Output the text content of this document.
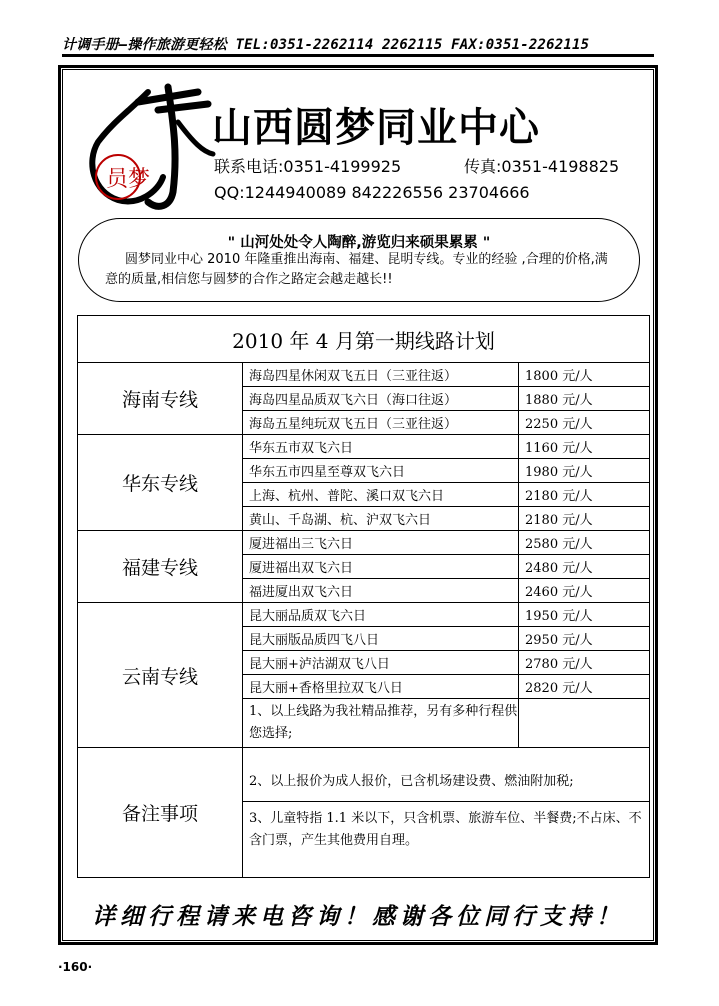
计调手册—操作旅游更轻松 TEL:0351-2262114 2262115 FAX:0351-2262115
员梦
山西圆梦同业中心
联系电话:0351-4199925	传真:0351-4198825
QQ:1244940089 842226556 23704666
" 山河处处令人陶醉,游览归来硕果累累 "
圆梦同业中心 2010 年隆重推出海南、福建、昆明专线。专业的经验 ,合理的价格,满意的质量,相信您与圆梦的合作之路定会越走越长!!
2010 年 4 月第一期线路计划		
海南专线	海岛四星休闲双飞五日（三亚往返）	1800 元/人
	海岛四星品质双飞六日（海口往返）	1880 元/人
	海岛五星纯玩双飞五日（三亚往返）	2250 元/人
华东专线	华东五市双飞六日	1160 元/人
	华东五市四星至尊双飞六日	1980 元/人
	上海、杭州、普陀、溪口双飞六日	2180 元/人
	黄山、千岛湖、杭、沪双飞六日	2180 元/人
福建专线	厦进福出三飞六日	2580 元/人
	厦进福出双飞六日	2480 元/人
	福进厦出双飞六日	2460 元/人
云南专线	昆大丽品质双飞六日	1950 元/人
	昆大丽版品质四飞八日	2950 元/人
	昆大丽+泸沽湖双飞八日	2780 元/人
	昆大丽+香格里拉双飞八日	2820 元/人
	1、以上线路为我社精品推荐，另有多种行程供您选择;	
备注事项	2、以上报价为成人报价，已含机场建设费、燃油附加税;
3、儿童特指 1.1 米以下，只含机票、旅游车位、半餐费;不占床、不含门票，产生其他费用自理。	
详细行程请来电咨询！感谢各位同行支持！
·160·
